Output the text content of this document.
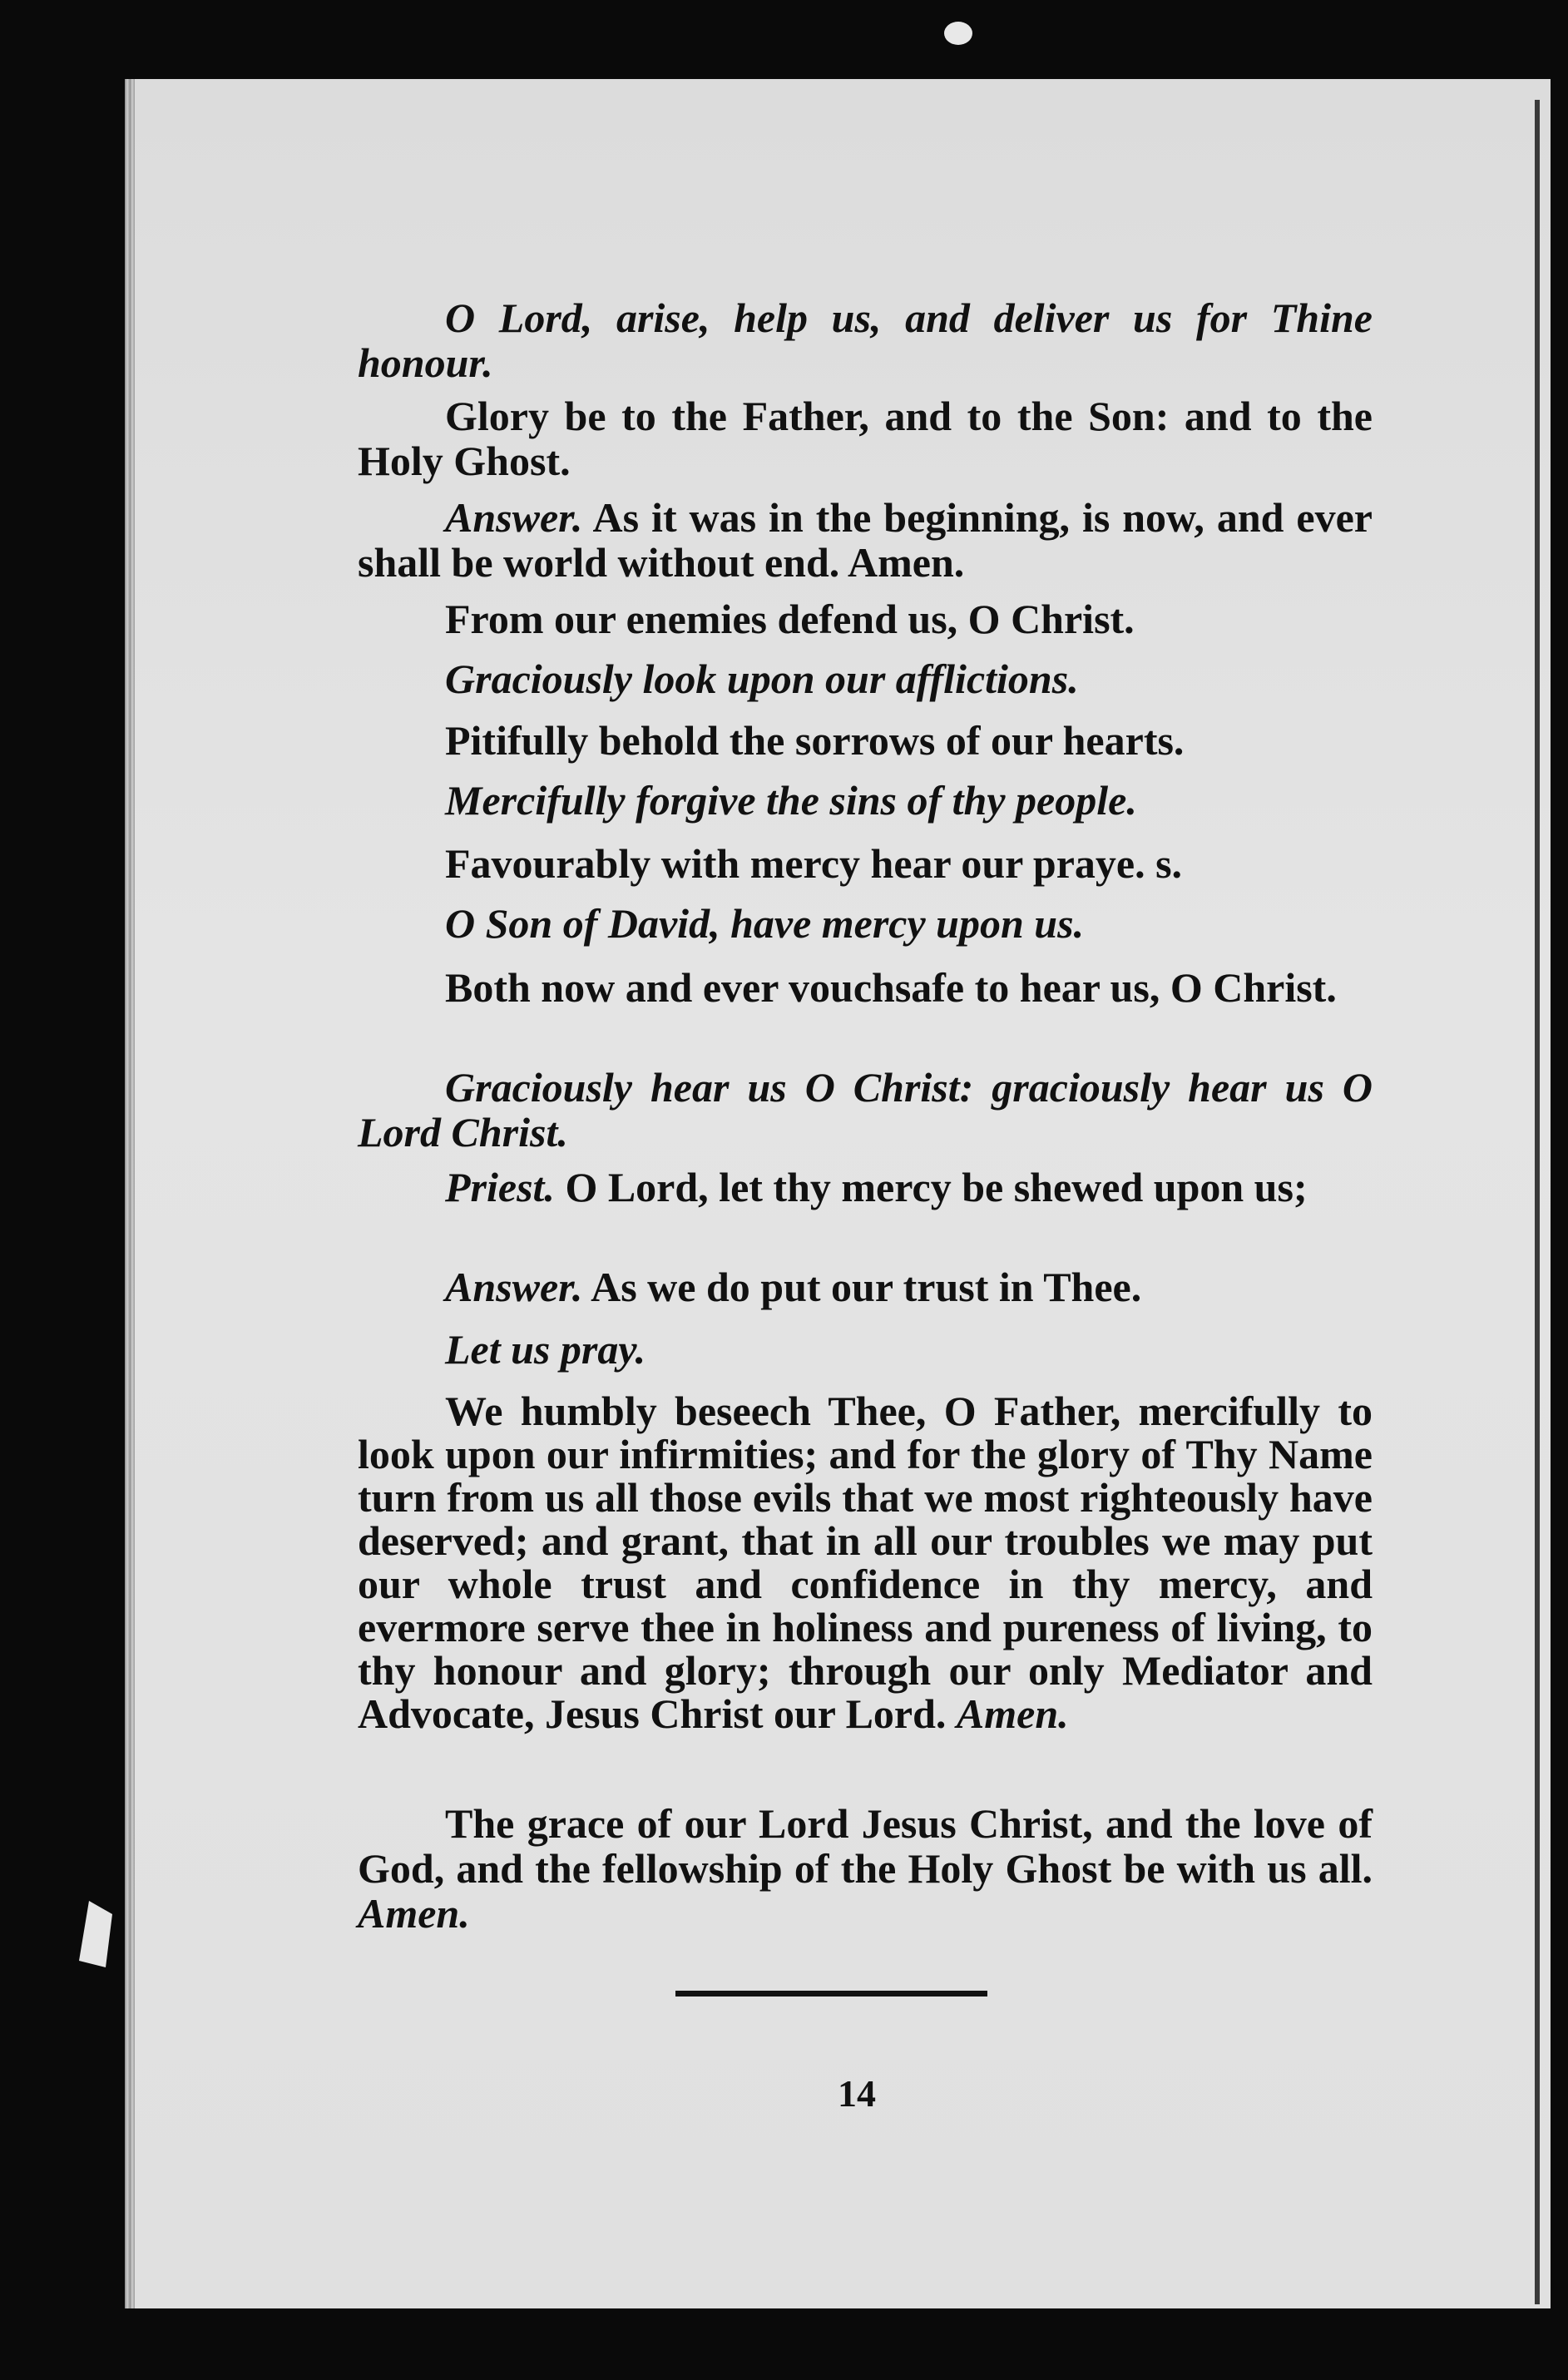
O Lord, arise, help us, and deliver us for Thine honour.

Glory be to the Father, and to the Son: and to the Holy Ghost.

Answer. As it was in the beginning, is now, and ever shall be world without end. Amen.

From our enemies defend us, O Christ.

Graciously look upon our afflictions.

Pitifully behold the sorrows of our hearts.

Mercifully forgive the sins of thy people.

Favourably with mercy hear our praye. s.

O Son of David, have mercy upon us.

Both now and ever vouchsafe to hear us, O Christ.

Graciously hear us O Christ: graciously hear us O Lord Christ.

Priest. O Lord, let thy mercy be shewed upon us;

Answer. As we do put our trust in Thee.

Let us pray.

We humbly beseech Thee, O Father, mercifully to look upon our infirmities; and for the glory of Thy Name turn from us all those evils that we most righteously have deserved; and grant, that in all our troubles we may put our whole trust and confidence in thy mercy, and evermore serve thee in holiness and pureness of living, to thy honour and glory; through our only Mediator and Advocate, Jesus Christ our Lord. Amen.

The grace of our Lord Jesus Christ, and the love of God, and the fellowship of the Holy Ghost be with us all. Amen.

14
